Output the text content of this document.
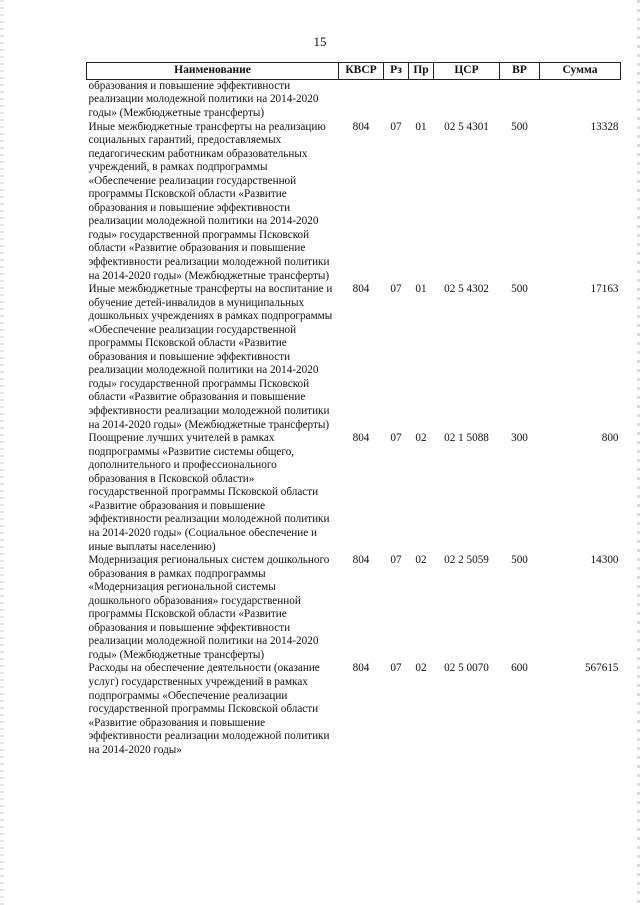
15
Наименование	КВСР	Рз	Пр	ЦСР	ВР	Сумма
образования и повышение эффективности реализации молодежной политики на 2014-2020 годы» (Межбюджетные трансферты)						
Иные межбюджетные трансферты на реализацию социальных гарантий, предоставляемых педагогическим работникам образовательных учреждений, в рамках подпрограммы «Обеспечение реализации государственной программы Псковской области «Развитие образования и повышение эффективности реализации молодежной политики на 2014-2020 годы» государственной программы Псковской области «Развитие образования и повышение эффективности реализации молодежной политики на 2014-2020 годы» (Межбюджетные трансферты)	804	07	01	02 5 4301	500	13328
Иные межбюджетные трансферты на воспитание и обучение детей-инвалидов в муниципальных дошкольных учреждениях в рамках подпрограммы «Обеспечение реализации государственной программы Псковской области «Развитие образования и повышение эффективности реализации молодежной политики на 2014-2020 годы» государственной программы Псковской области «Развитие образования и повышение эффективности реализации молодежной политики на 2014-2020 годы» (Межбюджетные трансферты)	804	07	01	02 5 4302	500	17163
Поощрение лучших учителей в рамках подпрограммы «Развитие системы общего, дополнительного и профессионального образования в Псковской области» государственной программы Псковской области «Развитие образования и повышение эффективности реализации молодежной политики на 2014-2020 годы» (Социальное обеспечение и иные выплаты населению)	804	07	02	02 1 5088	300	800
Модернизация региональных систем дошкольного образования в рамках подпрограммы «Модернизация региональной системы дошкольного образования» государственной программы Псковской области «Развитие образования и повышение эффективности реализации молодежной политики на 2014-2020 годы» (Межбюджетные трансферты)	804	07	02	02 2 5059	500	14300
Расходы на обеспечение деятельности (оказание услуг) государственных учреждений в рамках подпрограммы «Обеспечение реализации государственной программы Псковской области «Развитие образования и повышение эффективности реализации молодежной политики на 2014-2020 годы»	804	07	02	02 5 0070	600	567615
